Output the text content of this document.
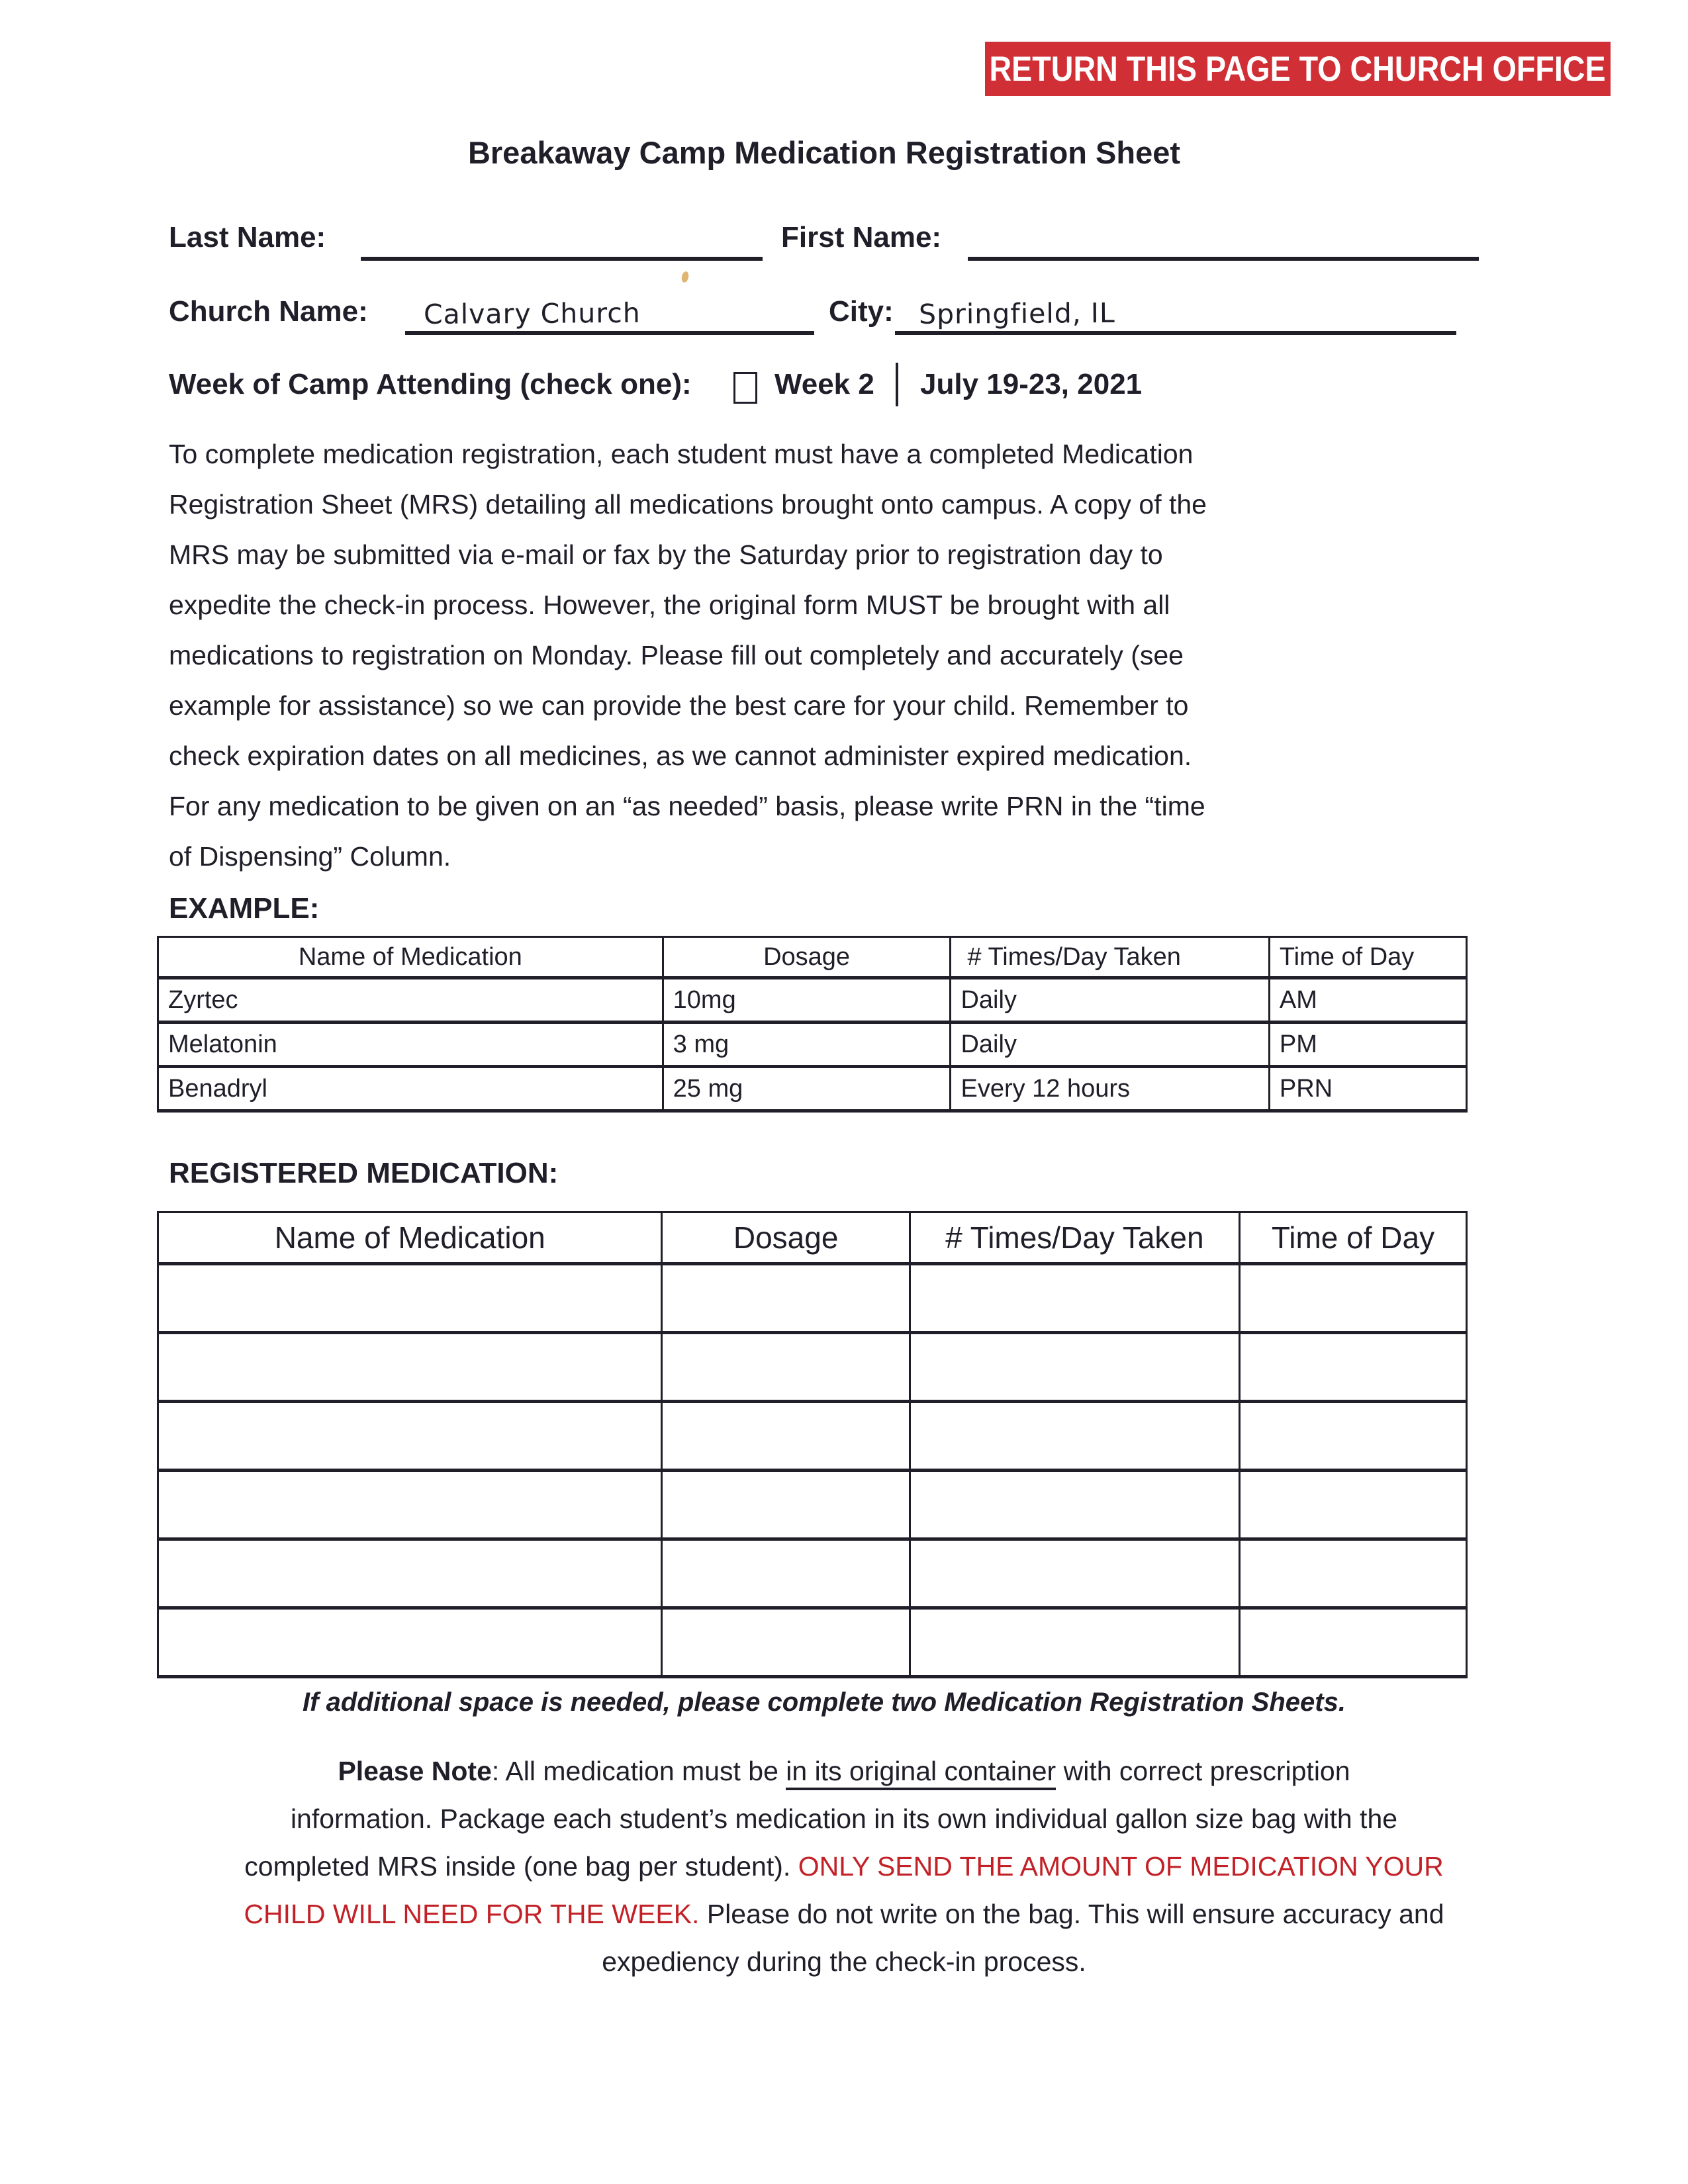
RETURN THIS PAGE TO CHURCH OFFICE
Breakaway Camp Medication Registration Sheet
Last Name:	First Name:
Church Name:	Calvary Church	City: Springfield, IL
Week of Camp Attending (check one):	Week 2 July 19-23, 2021
To complete medication registration, each student must have a completed Medication
Registration Sheet (MRS) detailing all medications brought onto campus. A copy of the
MRS may be submitted via e-mail or fax by the Saturday prior to registration day to
expedite the check-in process. However, the original form MUST be brought with all
medications to registration on Monday. Please fill out completely and accurately (see
example for assistance) so we can provide the best care for your child. Remember to
check expiration dates on all medicines, as we cannot administer expired medication.
For any medication to be given on an “as needed” basis, please write PRN in the “time
of Dispensing” Column.
EXAMPLE:
Name of Medication	Dosage	# Times/Day Taken	Time of Day
Zyrtec	10mg	Daily	AM
Melatonin	3 mg	Daily	PM
Benadryl	25 mg	Every 12 hours	PRN
REGISTERED MEDICATION:
Name of Medication	Dosage	# Times/Day Taken	Time of Day

If additional space is needed, please complete two Medication Registration Sheets.
Please Note: All medication must be in its original container with correct prescription
information. Package each student’s medication in its own individual gallon size bag with the
completed MRS inside (one bag per student). ONLY SEND THE AMOUNT OF MEDICATION YOUR
CHILD WILL NEED FOR THE WEEK. Please do not write on the bag. This will ensure accuracy and
expediency during the check-in process.
